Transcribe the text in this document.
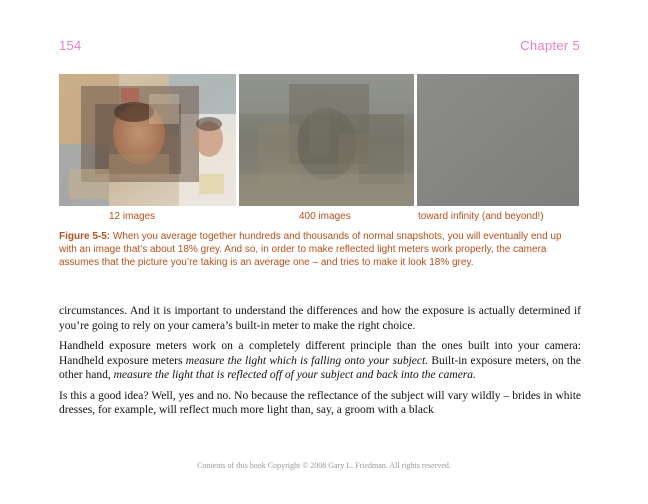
154	Chapter 5
12 images	400 images	toward infinity (and beyond!)
Figure 5-5: When you average together hundreds and thousands of normal snapshots, you will eventually end up with an image that’s about 18% grey. And so, in order to make reflected light meters work properly, the camera assumes that the picture you’re taking is an average one – and tries to make it look 18% grey.

circumstances. And it is important to understand the differences and how the exposure is actually determined if you’re going to rely on your camera’s built-in meter to make the right choice.

Handheld exposure meters work on a completely different principle than the ones built into your camera: Handheld exposure meters measure the light which is falling onto your subject. Built-in exposure meters, on the other hand, measure the light that is reflected off of your subject and back into the camera.

Is this a good idea? Well, yes and no. No because the reflectance of the subject will vary wildly – brides in white dresses, for example, will reflect much more light than, say, a groom with a black

Contents of this book Copyright © 2008 Gary L. Friedman. All rights reserved.
